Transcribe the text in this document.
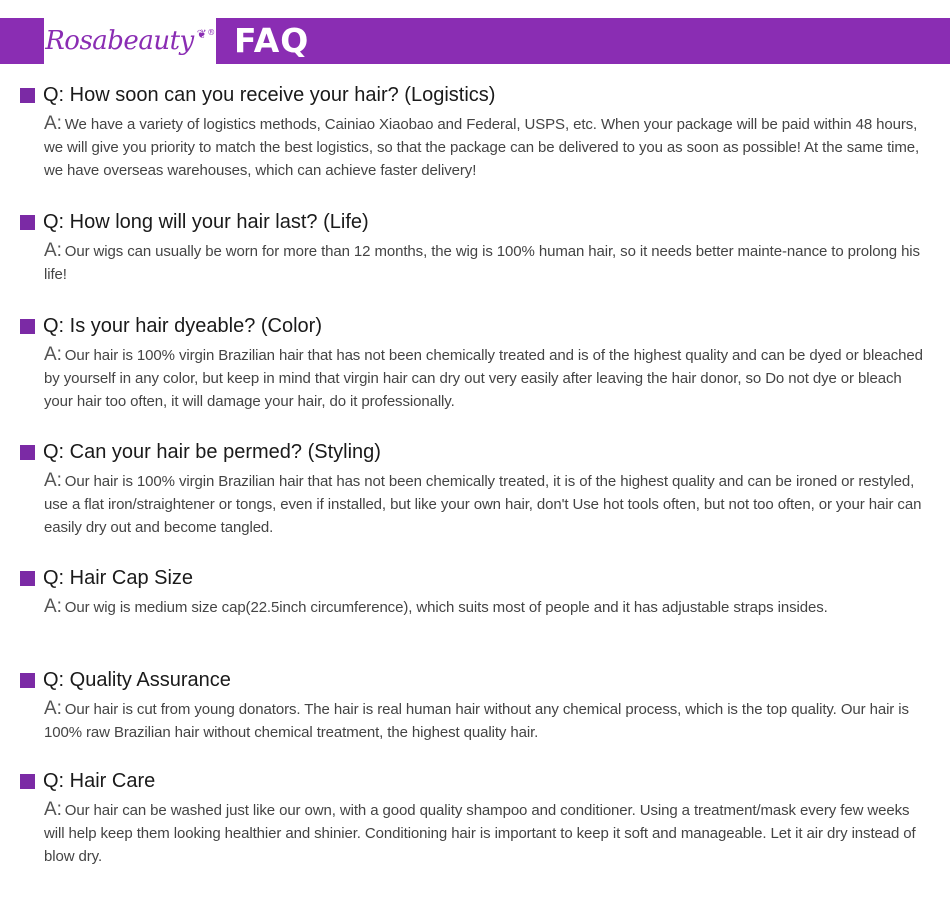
Rosabeauty ❦ ® FAQ
Q: How soon can you receive your hair? (Logistics)
A: We have a variety of logistics methods, Cainiao Xiaobao and Federal, USPS, etc. When your package will be paid within 48 hours, we will give you priority to match the best logistics, so that the package can be delivered to you as soon as possible! At the same time, we have overseas warehouses, which can achieve faster delivery!
Q: How long will your hair last? (Life)
A: Our wigs can usually be worn for more than 12 months, the wig is 100% human hair, so it needs better mainte-nance to prolong his life!
Q: Is your hair dyeable? (Color)
A: Our hair is 100% virgin Brazilian hair that has not been chemically treated and is of the highest quality and can be dyed or bleached by yourself in any color, but keep in mind that virgin hair can dry out very easily after leaving the hair donor, so Do not dye or bleach your hair too often, it will damage your hair, do it professionally.
Q: Can your hair be permed? (Styling)
A: Our hair is 100% virgin Brazilian hair that has not been chemically treated, it is of the highest quality and can be ironed or restyled, use a flat iron/straightener or tongs, even if installed, but like your own hair, don't Use hot tools often, but not too often, or your hair can easily dry out and become tangled.
Q: Hair Cap Size
A: Our wig is medium size cap(22.5inch circumference), which suits most of people and it has adjustable straps insides.
Q: Quality Assurance
A: Our hair is cut from young donators. The hair is real human hair without any chemical process, which is the top quality. Our hair is 100% raw Brazilian hair without chemical treatment, the highest quality hair.
Q: Hair Care
A: Our hair can be washed just like our own, with a good quality shampoo and conditioner. Using a treatment/mask every few weeks will help keep them looking healthier and shinier. Conditioning hair is important to keep it soft and manageable. Let it air dry instead of blow dry.
